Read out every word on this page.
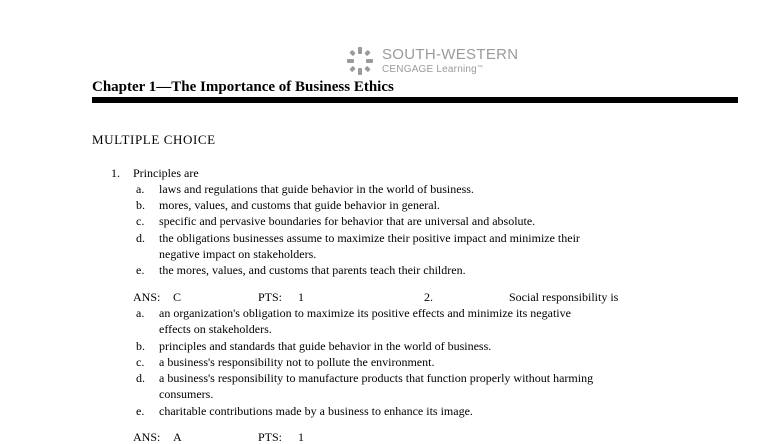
SOUTH-WESTERN
CENGAGE Learning™
Chapter 1—The Importance of Business Ethics
MULTIPLE CHOICE
1. Principles are
a. laws and regulations that guide behavior in the world of business.
b. mores, values, and customs that guide behavior in general.
c. specific and pervasive boundaries for behavior that are universal and absolute.
d. the obligations businesses assume to maximize their positive impact and minimize their
negative impact on stakeholders.
e. the mores, values, and customs that parents teach their children.
ANS: C	PTS: 1	2.	Social responsibility is
a. an organization's obligation to maximize its positive effects and minimize its negative
effects on stakeholders.
b. principles and standards that guide behavior in the world of business.
c. a business's responsibility not to pollute the environment.
d. a business's responsibility to manufacture products that function properly without harming
consumers.
e. charitable contributions made by a business to enhance its image.
ANS: A	PTS: 1
